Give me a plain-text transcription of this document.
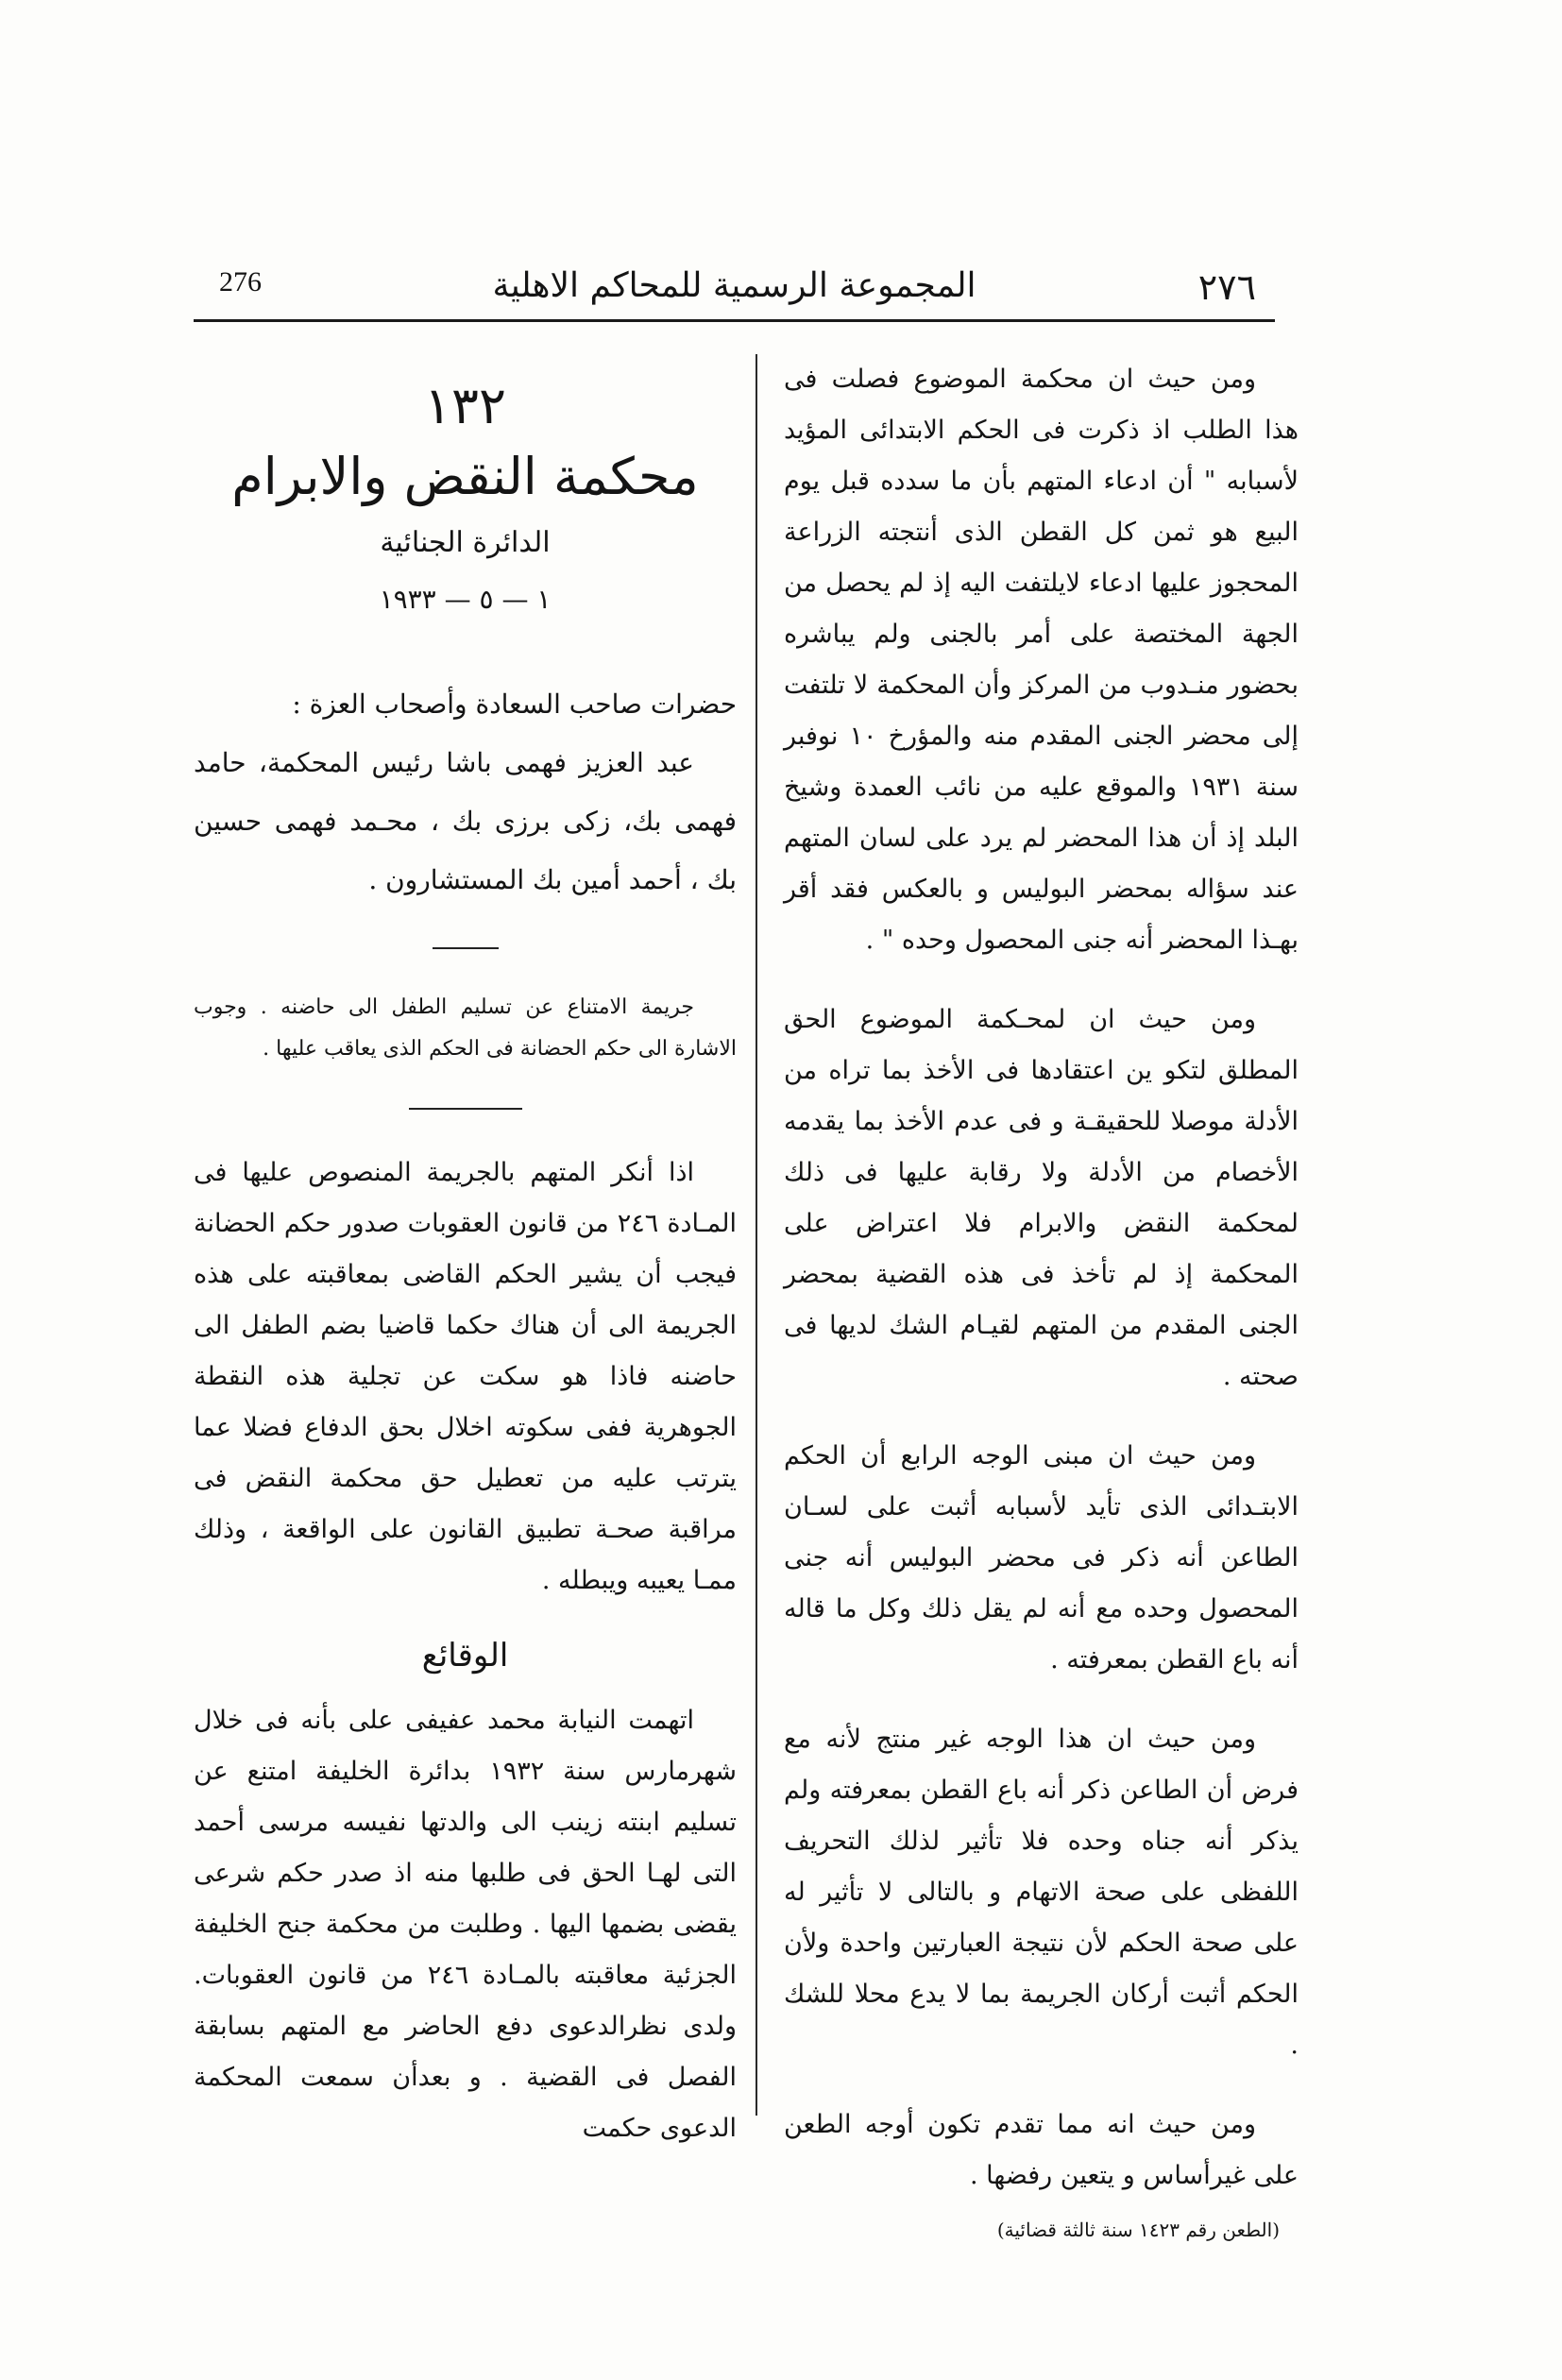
276	المجموعة الرسمية للمحاكم الاهلية	٢٧٦

ومن حيث ان محكمة الموضوع فصلت فى هذا الطلب اذ ذكرت فى الحكم الابتدائى المؤيد لأسبابه " أن ادعاء المتهم بأن ما سدده قبل يوم البيع هو ثمن كل القطن الذى أنتجته الزراعة المحجوز عليها ادعاء لايلتفت اليه إذ لم يحصل من الجهة المختصة على أمر بالجنى ولم يباشره بحضور منـدوب من المركز وأن المحكمة لا تلتفت إلى محضر الجنى المقدم منه والمؤرخ ١٠ نوفبر سنة ١٩٣١ والموقع عليه من نائب العمدة وشيخ البلد إذ أن هذا المحضر لم يرد على لسان المتهم عند سؤاله بمحضر البوليس و بالعكس فقد أقر بهـذا المحضر أنه جنى المحصول وحده " .

ومن حيث ان لمحـكمة الموضوع الحق المطلق لتكو ين اعتقادها فى الأخذ بما تراه من الأدلة موصلا للحقيقـة و فى عدم الأخذ بما يقدمه الأخصام من الأدلة ولا رقابة عليها فى ذلك لمحكمة النقض والابرام فلا اعتراض على المحكمة إذ لم تأخذ فى هذه القضية بمحضر الجنى المقدم من المتهم لقيـام الشك لديها فى صحته .

ومن حيث ان مبنى الوجه الرابع أن الحكم الابتـدائى الذى تأيد لأسبابه أثبت على لسـان الطاعن أنه ذكر فى محضر البوليس أنه جنى المحصول وحده مع أنه لم يقل ذلك وكل ما قاله أنه باع القطن بمعرفته .

ومن حيث ان هذا الوجه غير منتج لأنه مع فرض أن الطاعن ذكر أنه باع القطن بمعرفته ولم يذكر أنه جناه وحده فلا تأثير لذلك التحريف اللفظى على صحة الاتهام و بالتالى لا تأثير له على صحة الحكم لأن نتيجة العبارتين واحدة ولأن الحكم أثبت أركان الجريمة بما لا يدع محلا للشك .

ومن حيث انه مما تقدم تكون أوجه الطعن على غيرأساس و يتعين رفضها .

(الطعن رقم ١٤٢٣ سنة ثالثة قضائية)

١٣٢

محكمة النقض والابرام

الدائرة الجنائية

١ — ٥ — ١٩٣٣

حضرات صاحب السعادة وأصحاب العزة :

عبد العزيز فهمى باشا رئيس المحكمة، حامد فهمى بك، زكى برزى بك ، محـمد فهمى حسين بك ، أحمد أمين بك المستشارون .

جريمة الامتناع عن تسليم الطفل الى حاضنه . وجوب الاشارة الى حكم الحضانة فى الحكم الذى يعاقب عليها .

اذا أنكر المتهم بالجريمة المنصوص عليها فى المـادة ٢٤٦ من قانون العقوبات صدور حكم الحضانة فيجب أن يشير الحكم القاضى بمعاقبته على هذه الجريمة الى أن هناك حكما قاضيا بضم الطفل الى حاضنه فاذا هو سكت عن تجلية هذه النقطة الجوهرية ففى سكوته اخلال بحق الدفاع فضلا عما يترتب عليه من تعطيل حق محكمة النقض فى مراقبة صحـة تطبيق القانون على الواقعة ، وذلك ممـا يعيبه ويبطله .

الوقائع

اتهمت النيابة محمد عفيفى على بأنه فى خلال شهرمارس سنة ١٩٣٢ بدائرة الخليفة امتنع عن تسليم ابنته زينب الى والدتها نفيسه مرسى أحمد التى لهـا الحق فى طلبها منه اذ صدر حكم شرعى يقضى بضمها اليها . وطلبت من محكمة جنح الخليفة الجزئية معاقبته بالمـادة ٢٤٦ من قانون العقوبات. ولدى نظرالدعوى دفع الحاضر مع المتهم بسابقة الفصل فى القضية . و بعدأن سمعت المحكمة الدعوى حكمت
